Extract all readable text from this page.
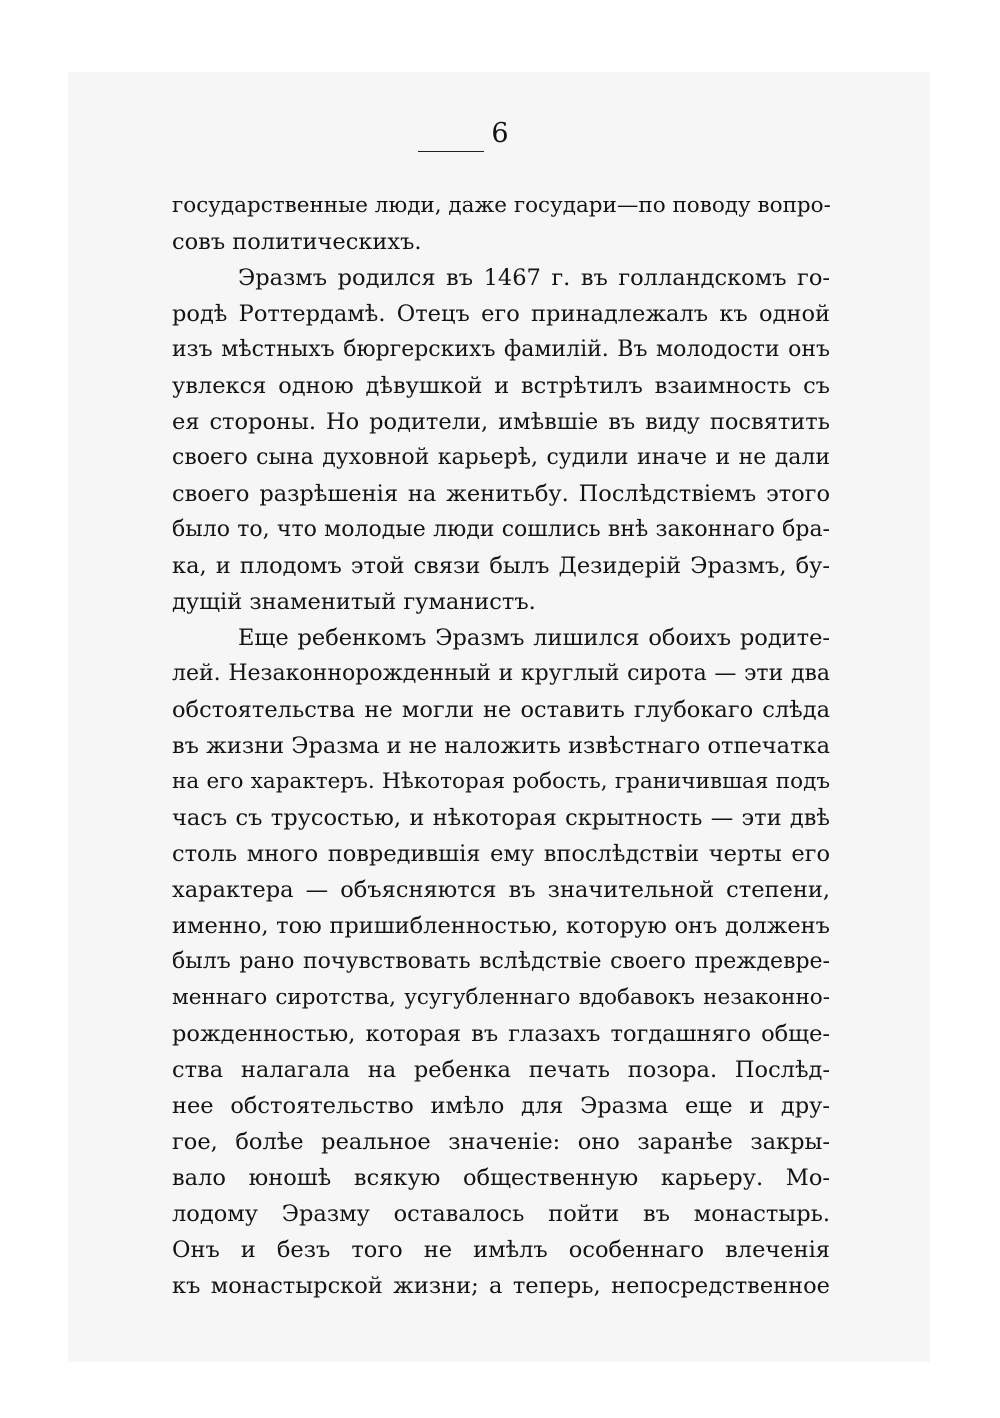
6
государственные люди, даже государи—по поводу вопро-
совъ политическихъ.
Эразмъ родился въ 1467 г. въ голландскомъ го-
родѣ Роттердамѣ. Отецъ его принадлежалъ къ одной
изъ мѣстныхъ бюргерскихъ фамилій. Въ молодости онъ
увлекся одною дѣвушкой и встрѣтилъ взаимность съ
ея стороны. Но родители, имѣвшіе въ виду посвятить
своего сына духовной карьерѣ, судили иначе и не дали
своего разрѣшенія на женитьбу. Послѣдствіемъ этого
было то, что молодые люди сошлись внѣ законнаго бра-
ка, и плодомъ этой связи былъ Дезидерій Эразмъ, бу-
дущій знаменитый гуманистъ.
Еще ребенкомъ Эразмъ лишился обоихъ родите-
лей. Незаконнорожденный и круглый сирота — эти два
обстоятельства не могли не оставить глубокаго слѣда
въ жизни Эразма и не наложить извѣстнаго отпечатка
на его характеръ. Нѣкоторая робость, граничившая подъ
часъ съ трусостью, и нѣкоторая скрытность — эти двѣ
столь много повредившія ему впослѣдствіи черты его
характера — объясняются въ значительной степени,
именно, тою пришибленностью, которую онъ долженъ
былъ рано почувствовать вслѣдствіе своего преждевре-
меннаго сиротства, усугубленнаго вдобавокъ незаконно-
рожденностью, которая въ глазахъ тогдашняго обще-
ства налагала на ребенка печать позора. Послѣд-
нее обстоятельство имѣло для Эразма еще и дру-
гое, болѣе реальное значеніе: оно заранѣе закры-
вало юношѣ всякую общественную карьеру. Мо-
лодому Эразму оставалось пойти въ монастырь.
Онъ и безъ того не имѣлъ особеннаго влеченія
къ монастырской жизни; а теперь, непосредственное
